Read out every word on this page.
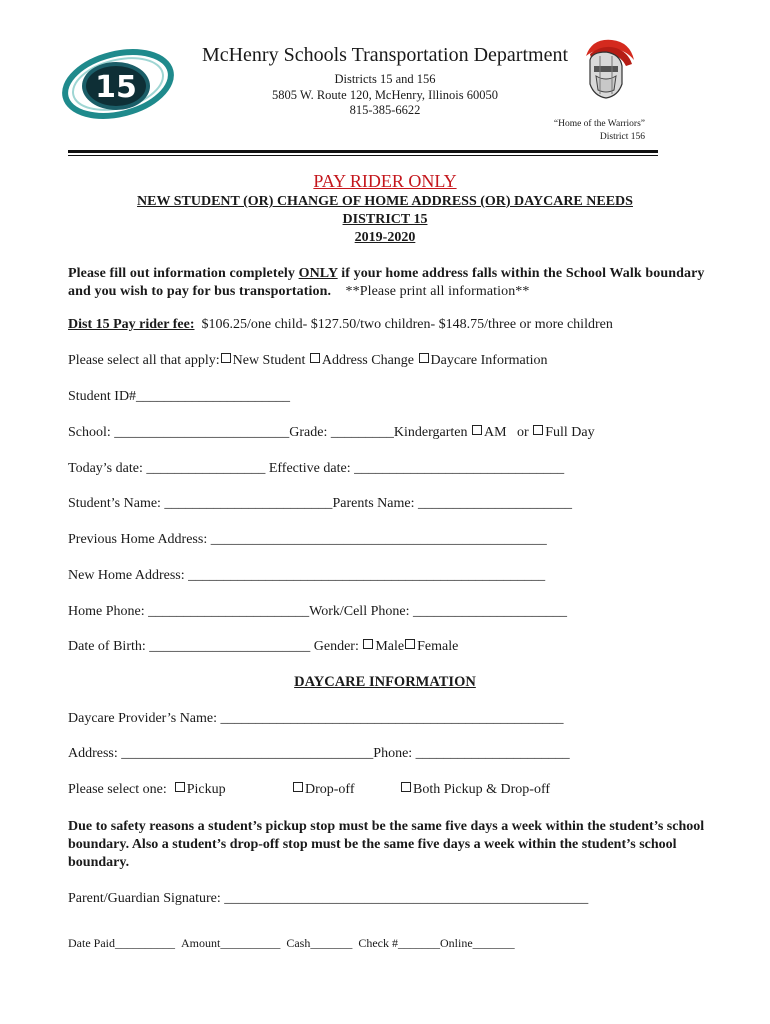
15
McHenry Schools Transportation Department
Districts 15 and 156
5805 W. Route 120, McHenry, Illinois 60050
815-385-6622
“Home of the Warriors”
District 156
PAY RIDER ONLY
NEW STUDENT (OR) CHANGE OF HOME ADDRESS (OR) DAYCARE NEEDS
DISTRICT 15
2019-2020
Please fill out information completely ONLY if your home address falls within the School Walk boundary and you wish to pay for bus transportation. **Please print all information**
Dist 15 Pay rider fee: $106.25/one child- $127.50/two children- $148.75/three or more children
Please select all that apply: New Student Address Change Daycare Information
Student ID#______________________
School: _________________________Grade: _________Kindergarten AM or Full Day
Today’s date: _________________ Effective date: ______________________________
Student’s Name: ________________________Parents Name: ______________________
Previous Home Address: ________________________________________________
New Home Address: ___________________________________________________
Home Phone: _______________________Work/Cell Phone: ______________________
Date of Birth: _______________________ Gender: Male Female
DAYCARE INFORMATION
Daycare Provider’s Name: _________________________________________________
Address: ____________________________________Phone: ______________________
Please select one:  Pickup	Drop-off	Both Pickup & Drop-off
Due to safety reasons a student’s pickup stop must be the same five days a week within the student’s school boundary. Also a student’s drop-off stop must be the same five days a week within the student’s school boundary.
Parent/Guardian Signature: ____________________________________________________
Date Paid__________ Amount__________ Cash_______ Check #_______Online_______
